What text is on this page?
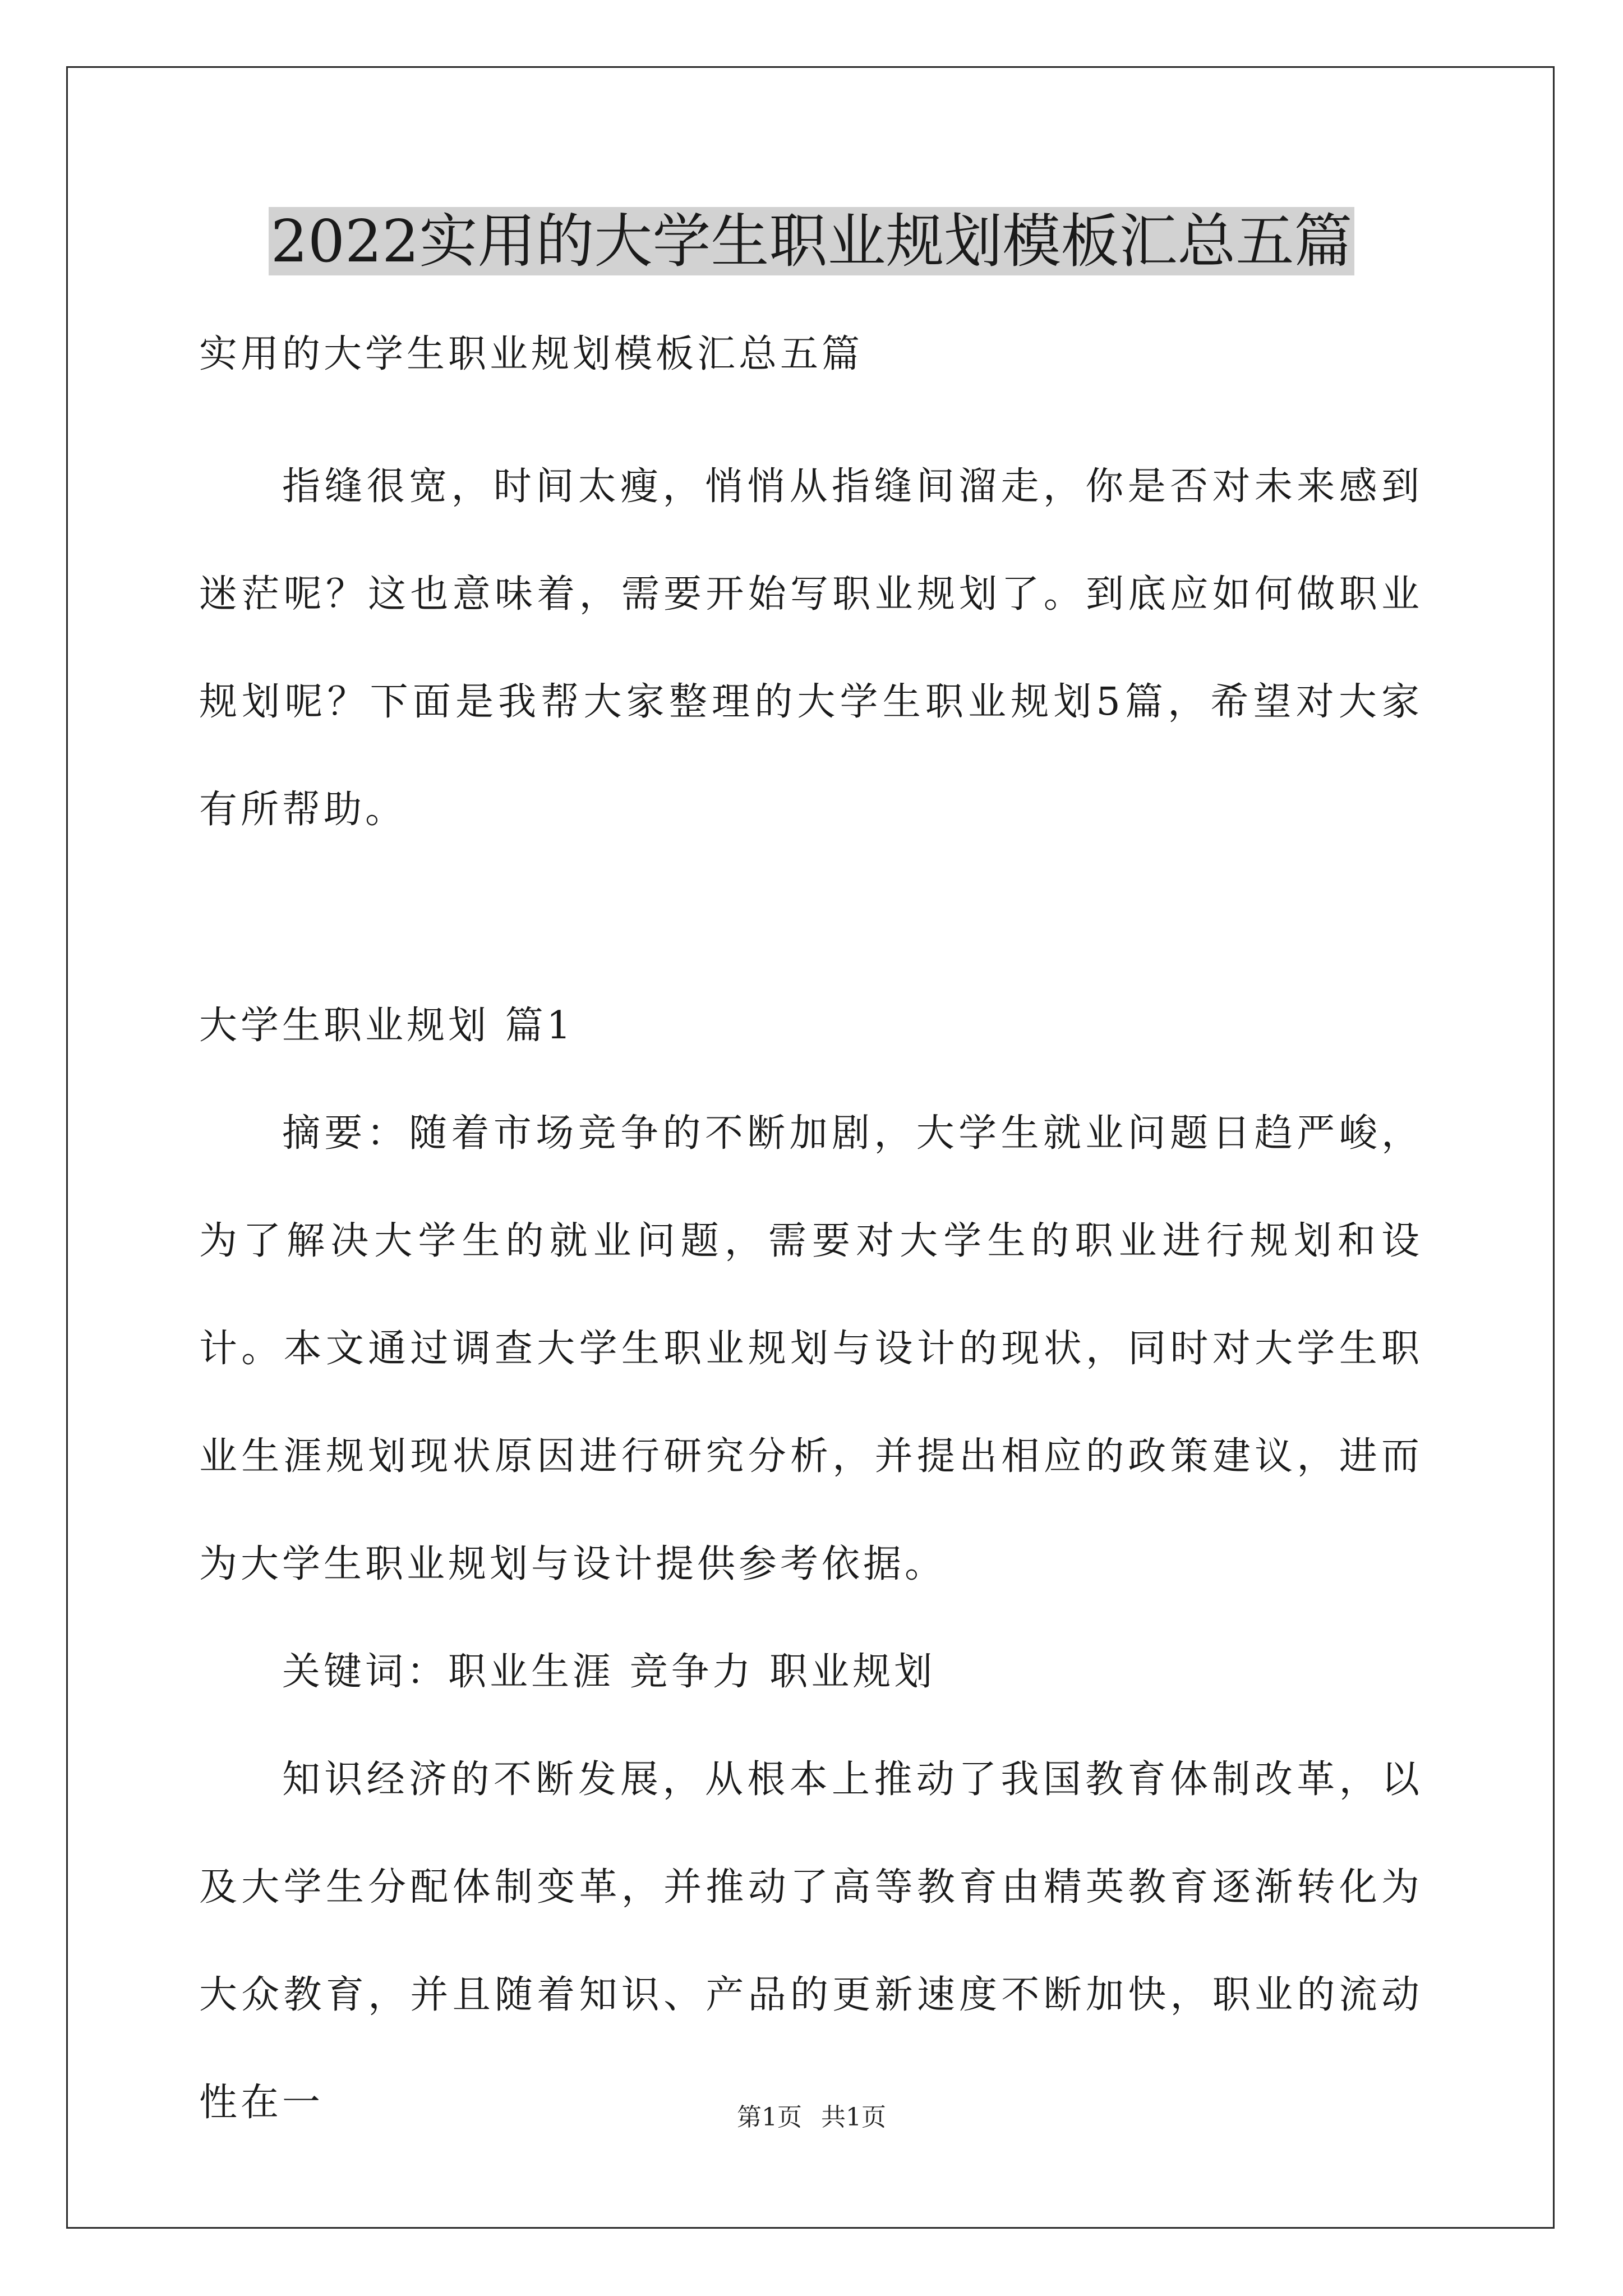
2022实用的大学生职业规划模板汇总五篇

实用的大学生职业规划模板汇总五篇

指缝很宽，时间太瘦，悄悄从指缝间溜走，你是否对未来感到迷茫呢？这也意味着，需要开始写职业规划了。到底应如何做职业规划呢？下面是我帮大家整理的大学生职业规划5篇，希望对大家有所帮助。

大学生职业规划 篇1

摘要：随着市场竞争的不断加剧，大学生就业问题日趋严峻，为了解决大学生的就业问题，需要对大学生的职业进行规划和设计。本文通过调查大学生职业规划与设计的现状，同时对大学生职业生涯规划现状原因进行研究分析，并提出相应的政策建议，进而为大学生职业规划与设计提供参考依据。

关键词：职业生涯 竞争力 职业规划

知识经济的不断发展，从根本上推动了我国教育体制改革，以及大学生分配体制变革，并推动了高等教育由精英教育逐渐转化为大众教育，并且随着知识、产品的更新速度不断加快，职业的流动性在一	第1页 共1页
